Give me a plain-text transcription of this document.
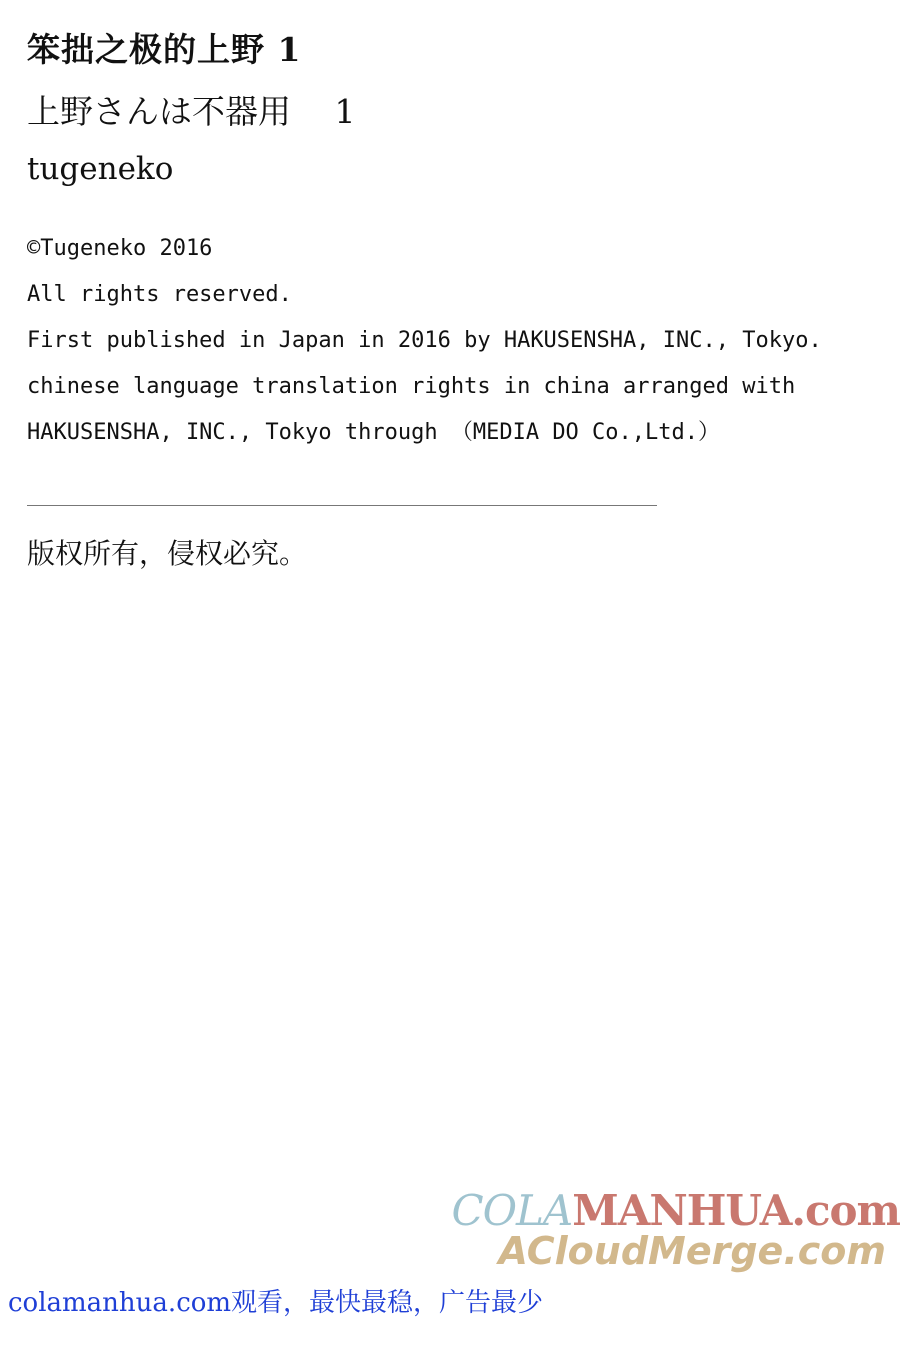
笨拙之极的上野 1
上野さんは不器用　 1

tugeneko

©Tugeneko 2016
All rights reserved.
First published in Japan in 2016 by HAKUSENSHA, INC., Tokyo.
chinese language translation rights in china arranged with
HAKUSENSHA, INC., Tokyo through （MEDIA DO Co.,Ltd.）

版权所有，侵权必究。

COLAMANHUA.com
ACloudMerge.com
colamanhua.com观看，最快最稳，广告最少
